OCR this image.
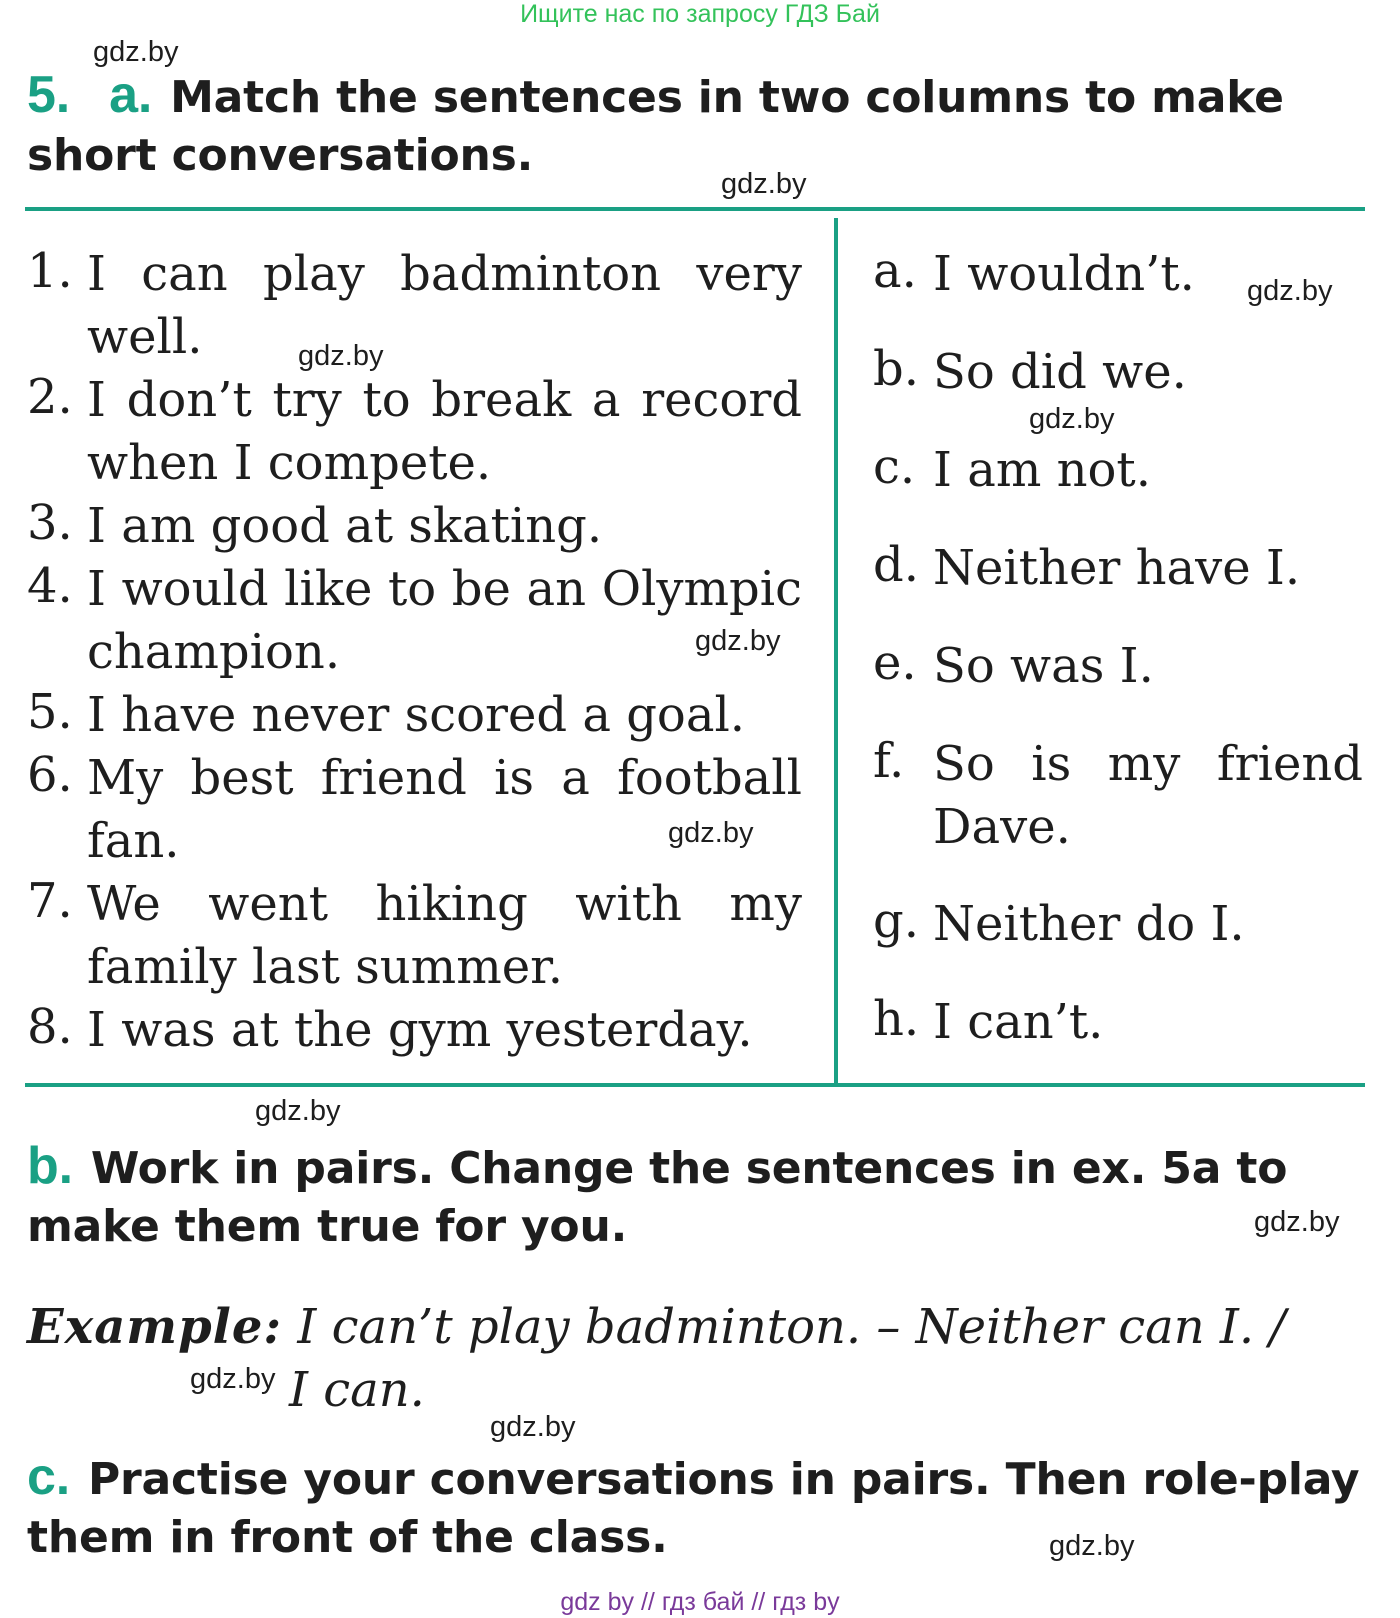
Ищите нас по запросу ГДЗ Бай
5. a. Match the sentences in two columns to make short conversations.
1. I can play badminton very well.
2. I don’t try to break a record when I compete.
3. I am good at skating.
4. I would like to be an Olympic champion.
5. I have never scored a goal.
6. My best friend is a football fan.
7. We went hiking with my family last summer.
8. I was at the gym yesterday.
a. I wouldn’t.
b. So did we.
c. I am not.
d. Neither have I.
e. So was I.
f. So is my friend Dave.
g. Neither do I.
h. I can’t.
b. Work in pairs. Change the sentences in ex. 5a to make them true for you.
Example: I can’t play badminton. – Neither can I. /
I can.
c. Practise your conversations in pairs. Then role-play them in front of the class.
gdz.by
gdz.by
gdz.by
gdz.by
gdz.by
gdz.by
gdz.by
gdz.by
gdz.by
gdz.by
gdz.by
gdz.by
gdz by // гдз бай // гдз by
